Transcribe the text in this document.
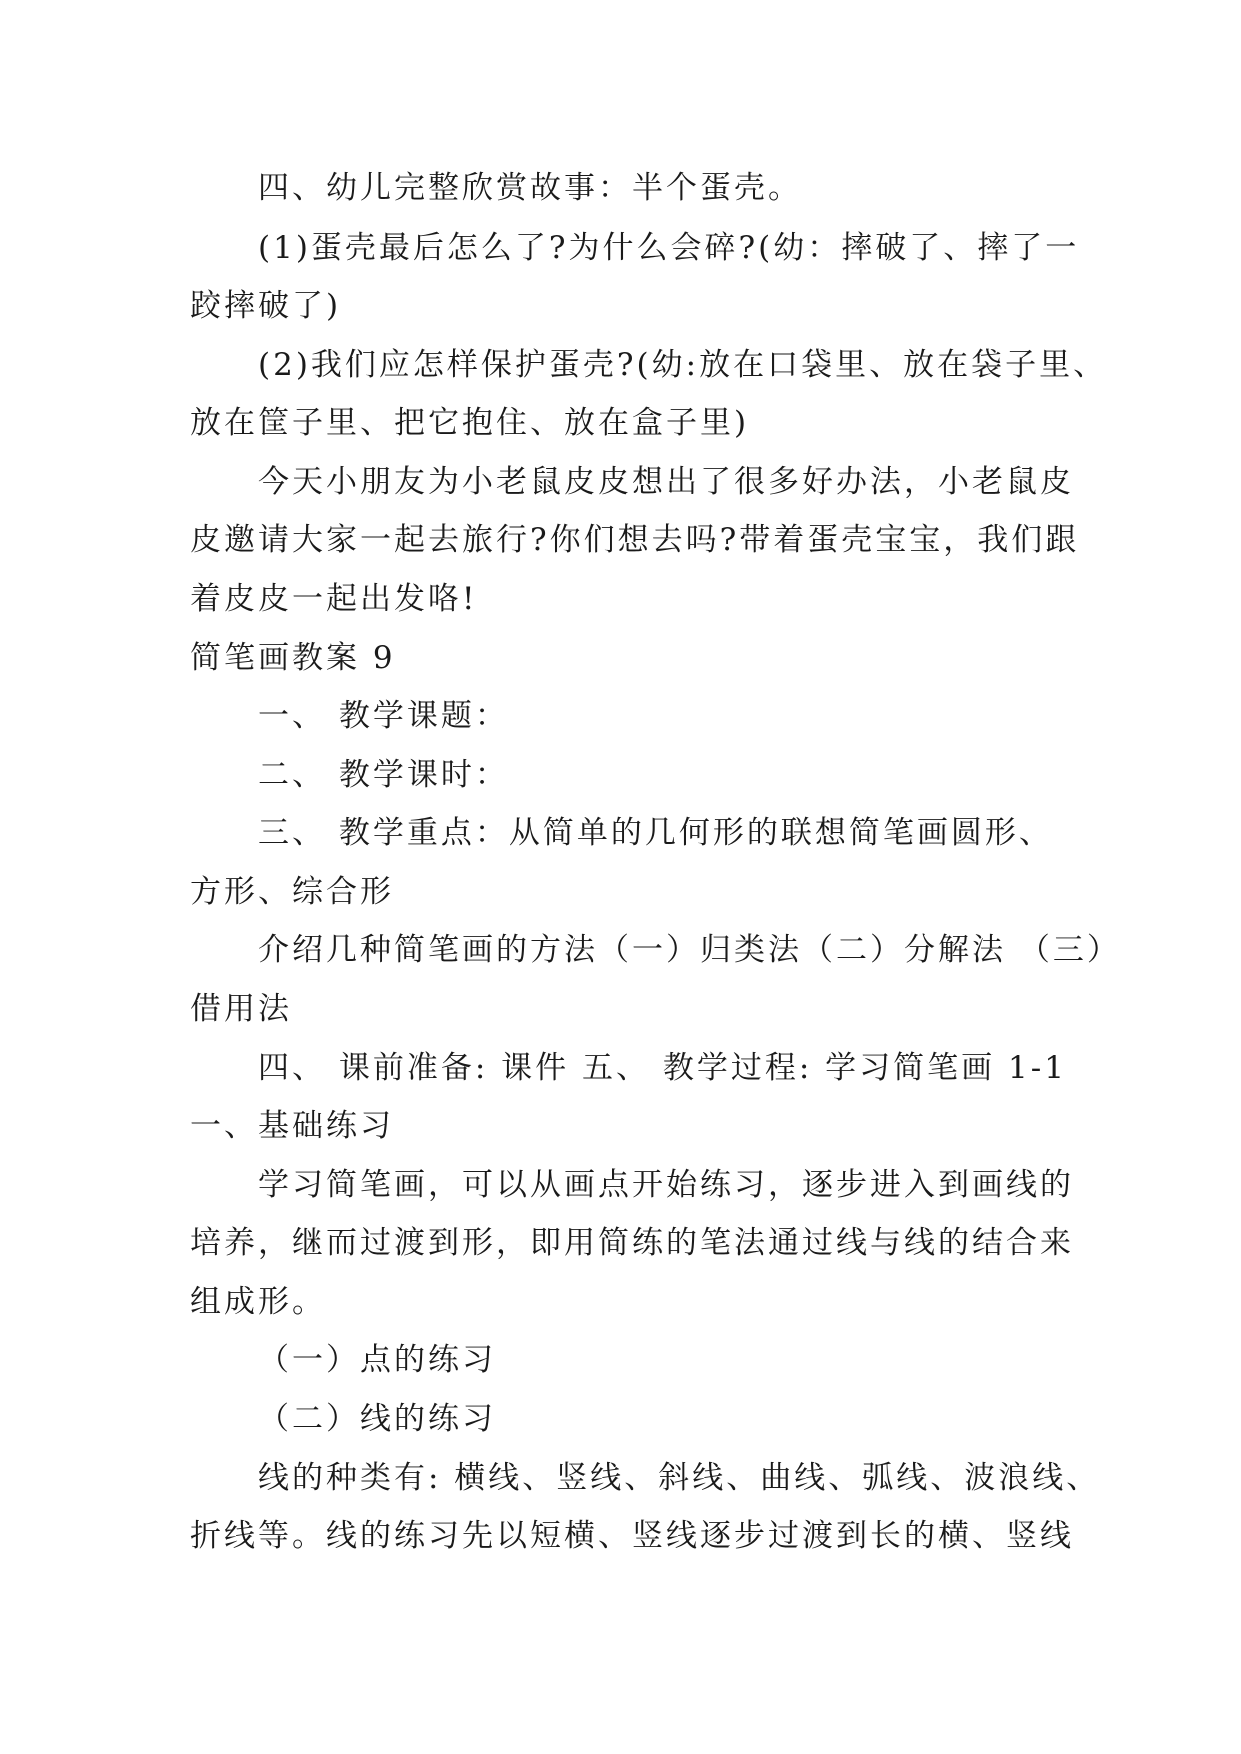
四、幼儿完整欣赏故事：半个蛋壳。
(1)蛋壳最后怎么了?为什么会碎?(幼：摔破了、摔了一
跤摔破了)
(2)我们应怎样保护蛋壳?(幼:放在口袋里、放在袋子里、
放在筐子里、把它抱住、放在盒子里)
今天小朋友为小老鼠皮皮想出了很多好办法，小老鼠皮
皮邀请大家一起去旅行?你们想去吗?带着蛋壳宝宝，我们跟
着皮皮一起出发咯!
简笔画教案 9
一、 教学课题：
二、 教学课时：
三、 教学重点：从简单的几何形的联想简笔画圆形、
方形、综合形
介绍几种简笔画的方法（一）归类法（二）分解法 （三）
借用法
四、 课前准备: 课件 五、 教学过程: 学习简笔画 1-1
一、基础练习
学习简笔画，可以从画点开始练习，逐步进入到画线的
培养，继而过渡到形，即用简练的笔法通过线与线的结合来
组成形。
（一）点的练习
（二）线的练习
线的种类有: 横线、竖线、斜线、曲线、弧线、波浪线、
折线等。线的练习先以短横、竖线逐步过渡到长的横、竖线
